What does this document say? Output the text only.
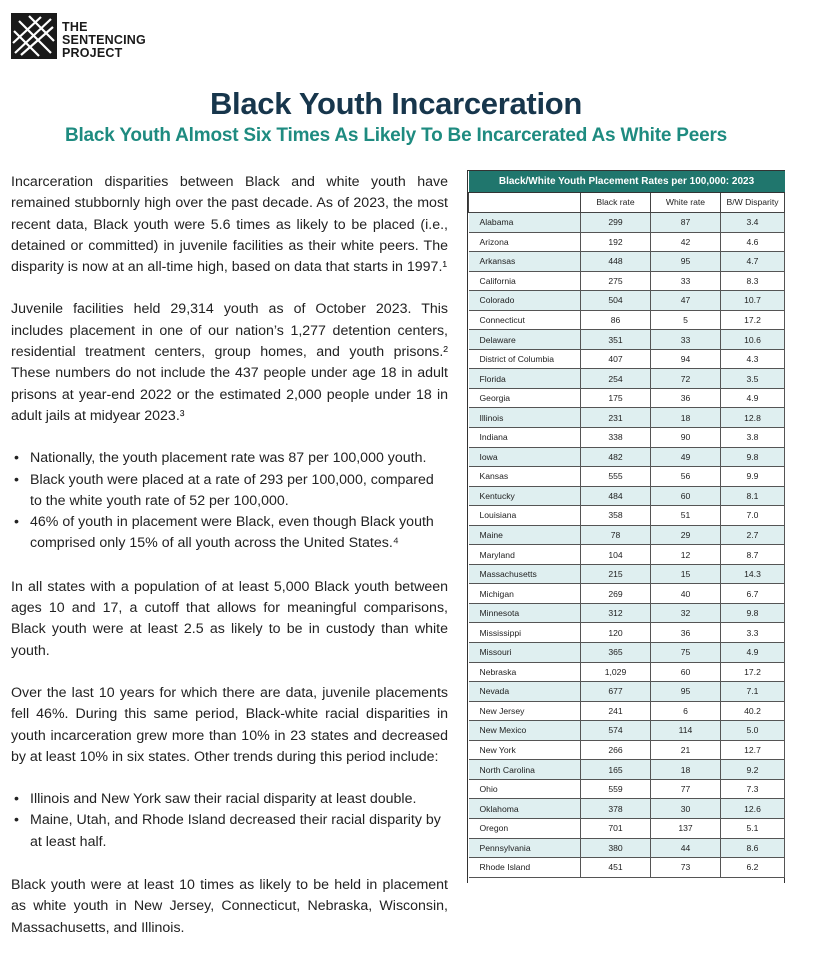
THE
SENTENCING
PROJECT
Black Youth Incarceration
Black Youth Almost Six Times As Likely To Be Incarcerated As White Peers

Incarceration disparities between Black and white youth have remained stubbornly high over the past decade. As of 2023, the most recent data, Black youth were 5.6 times as likely to be placed (i.e., detained or committed) in juvenile facilities as their white peers. The disparity is now at an all-time high, based on data that starts in 1997.¹

Juvenile facilities held 29,314 youth as of October 2023. This includes placement in one of our nation’s 1,277 detention centers, residential treatment centers, group homes, and youth prisons.² These numbers do not include the 437 people under age 18 in adult prisons at year-end 2022 or the estimated 2,000 people under 18 in adult jails at midyear 2023.³

• Nationally, the youth placement rate was 87 per 100,000 youth.
• Black youth were placed at a rate of 293 per 100,000, compared to the white youth rate of 52 per 100,000.
• 46% of youth in placement were Black, even though Black youth comprised only 15% of all youth across the United States.⁴

In all states with a population of at least 5,000 Black youth between ages 10 and 17, a cutoff that allows for meaningful comparisons, Black youth were at least 2.5 as likely to be in custody than white youth.

Over the last 10 years for which there are data, juvenile placements fell 46%. During this same period, Black-white racial disparities in youth incarceration grew more than 10% in 23 states and decreased by at least 10% in six states. Other trends during this period include:

• Illinois and New York saw their racial disparity at least double.
• Maine, Utah, and Rhode Island decreased their racial disparity by at least half.

Black youth were at least 10 times as likely to be held in placement as white youth in New Jersey, Connecticut, Nebraska, Wisconsin, Massachusetts, and Illinois.

Black/White Youth Placement Rates per 100,000: 2023			
	Black rate	White rate	B/W Disparity
Alabama	299	87	3.4
Arizona	192	42	4.6
Arkansas	448	95	4.7
California	275	33	8.3
Colorado	504	47	10.7
Connecticut	86	5	17.2
Delaware	351	33	10.6
District of Columbia	407	94	4.3
Florida	254	72	3.5
Georgia	175	36	4.9
Illinois	231	18	12.8
Indiana	338	90	3.8
Iowa	482	49	9.8
Kansas	555	56	9.9
Kentucky	484	60	8.1
Louisiana	358	51	7.0
Maine	78	29	2.7
Maryland	104	12	8.7
Massachusetts	215	15	14.3
Michigan	269	40	6.7
Minnesota	312	32	9.8
Mississippi	120	36	3.3
Missouri	365	75	4.9
Nebraska	1,029	60	17.2
Nevada	677	95	7.1
New Jersey	241	6	40.2
New Mexico	574	114	5.0
New York	266	21	12.7
North Carolina	165	18	9.2
Ohio	559	77	7.3
Oklahoma	378	30	12.6
Oregon	701	137	5.1
Pennsylvania	380	44	8.6
Rhode Island	451	73	6.2
